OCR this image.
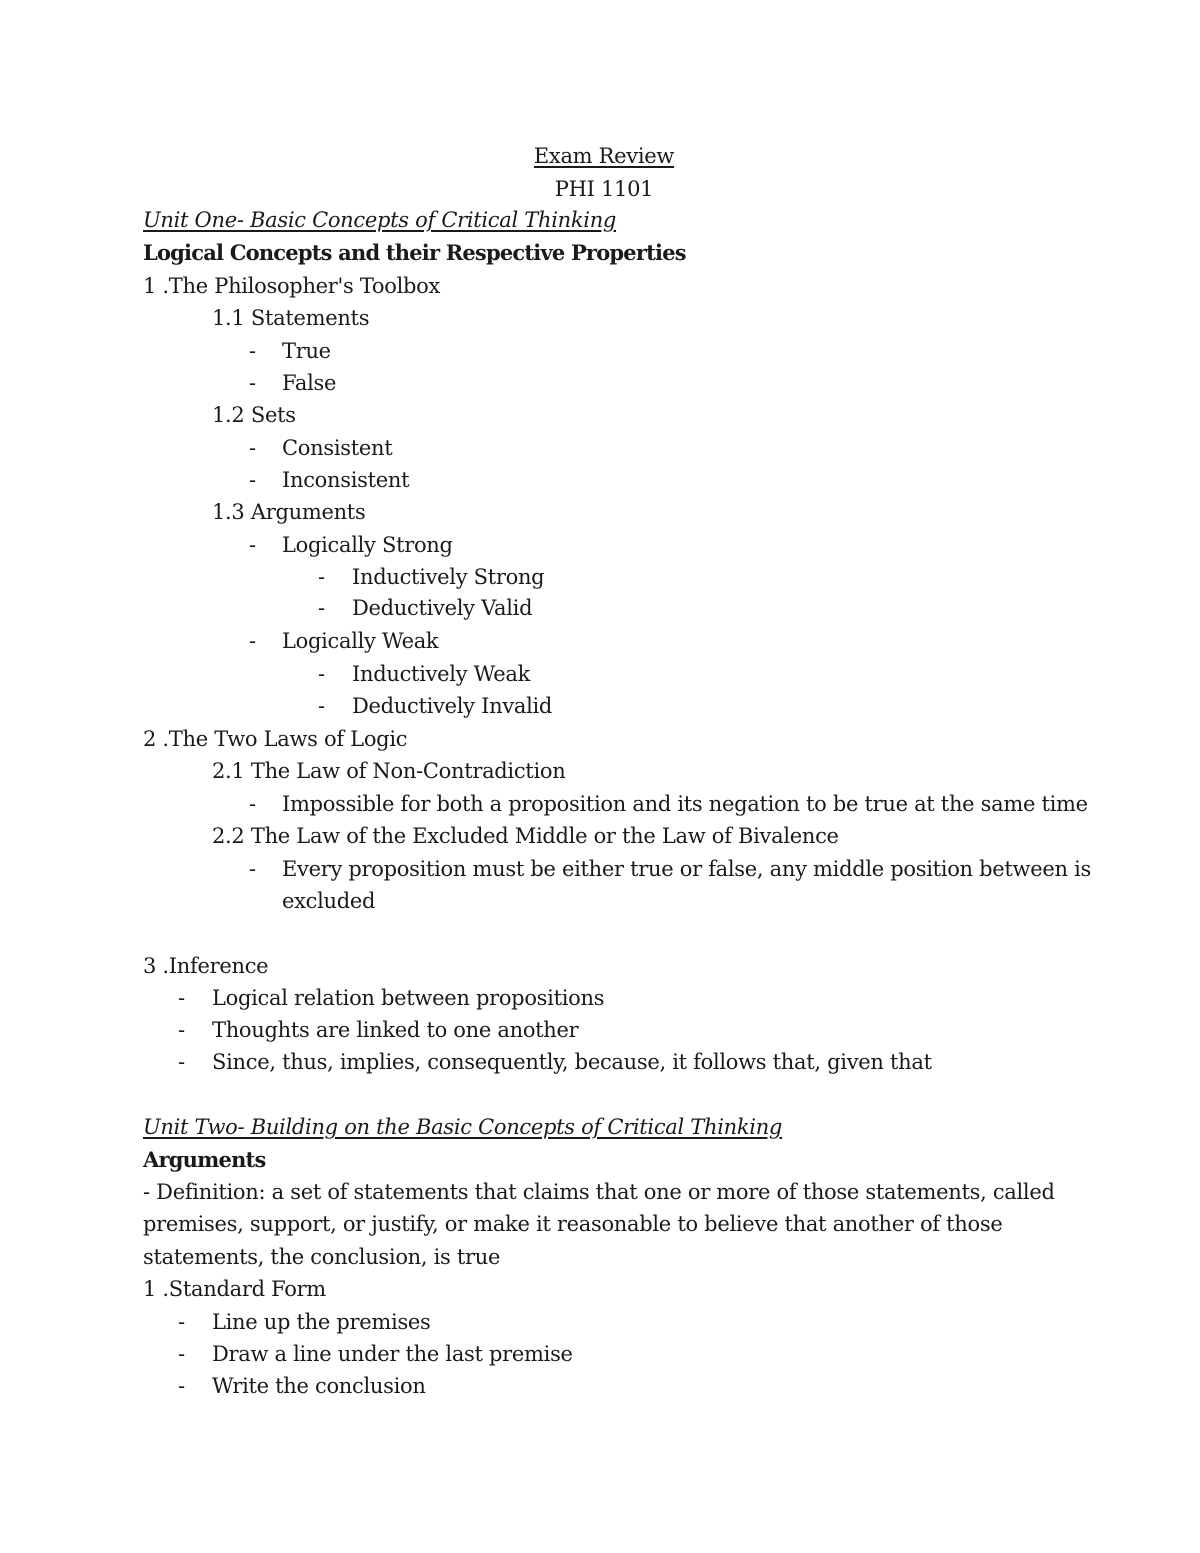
Exam Review
PHI 1101
Unit One- Basic Concepts of Critical Thinking
Logical Concepts and their Respective Properties
1 .The Philosopher's Toolbox
1.1 Statements
- True
- False
1.2 Sets
- Consistent
- Inconsistent
1.3 Arguments
- Logically Strong
- Inductively Strong
- Deductively Valid
- Logically Weak
- Inductively Weak
- Deductively Invalid
2 .The Two Laws of Logic
2.1 The Law of Non-Contradiction
- Impossible for both a proposition and its negation to be true at the same time
2.2 The Law of the Excluded Middle or the Law of Bivalence
- Every proposition must be either true or false, any middle position between is
excluded
3 .Inference
- Logical relation between propositions
- Thoughts are linked to one another
- Since, thus, implies, consequently, because, it follows that, given that
Unit Two- Building on the Basic Concepts of Critical Thinking
Arguments
- Definition: a set of statements that claims that one or more of those statements, called
premises, support, or justify, or make it reasonable to believe that another of those
statements, the conclusion, is true
1 .Standard Form
- Line up the premises
- Draw a line under the last premise
- Write the conclusion
